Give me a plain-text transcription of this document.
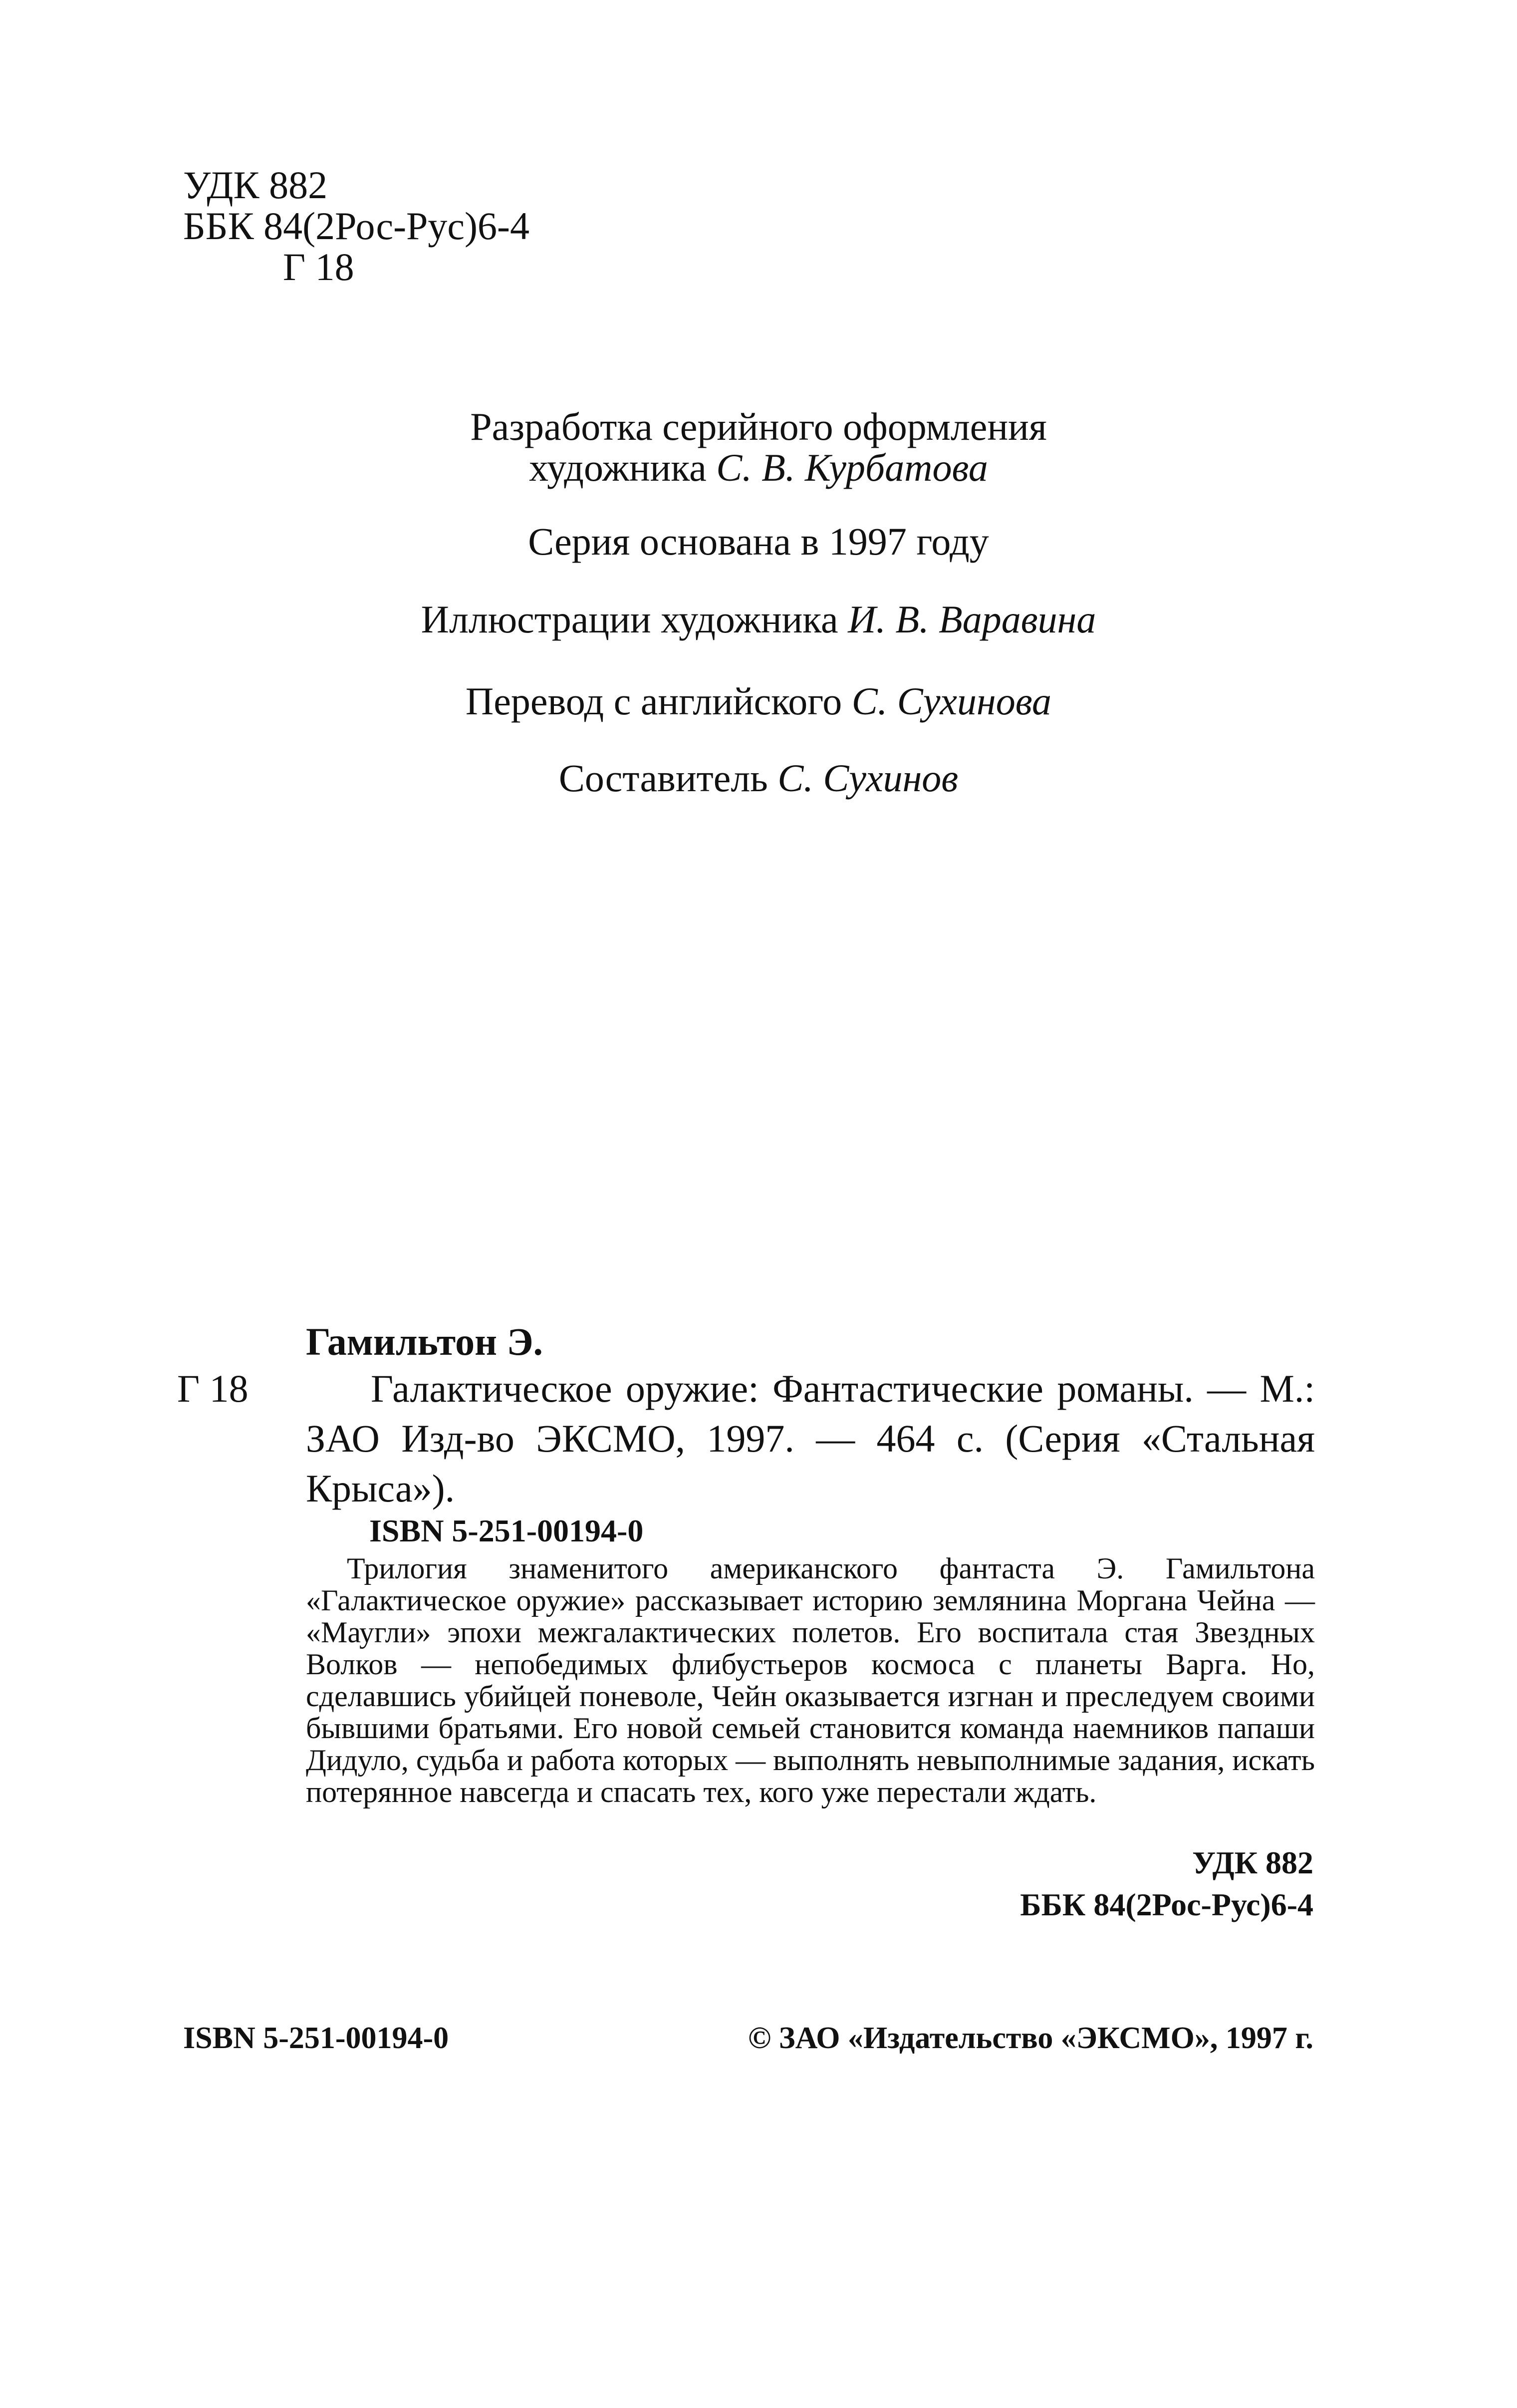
УДК 882
ББК 84(2Рос-Рус)6-4
Г 18
Разработка серийного оформления
художника С. В. Курбатова
Серия основана в 1997 году
Иллюстрации художника И. В. Варавина
Перевод с английского С. Сухинова
Составитель С. Сухинов
Гамильтон Э.
Г 18	Галактическое оружие: Фантастические романы. — М.: ЗАО Изд-во ЭКСМО, 1997. — 464 с. (Серия «Стальная Крыса»).
ISBN 5-251-00194-0
Трилогия знаменитого американского фантаста Э. Гамильтона «Галактическое оружие» рассказывает историю землянина Моргана Чейна — «Маугли» эпохи межгалактических полетов. Его воспитала стая Звездных Волков — непобедимых флибустьеров космоса с планеты Варга. Но, сделавшись убийцей поневоле, Чейн оказывается изгнан и преследуем своими бывшими братьями. Его новой семьей становится команда наемников папаши Дидуло, судьба и работа которых — выполнять невыполнимые задания, искать потерянное навсегда и спасать тех, кого уже перестали ждать.
УДК 882
ББК 84(2Рос-Рус)6-4
ISBN 5-251-00194-0	© ЗАО «Издательство «ЭКСМО», 1997 г.
